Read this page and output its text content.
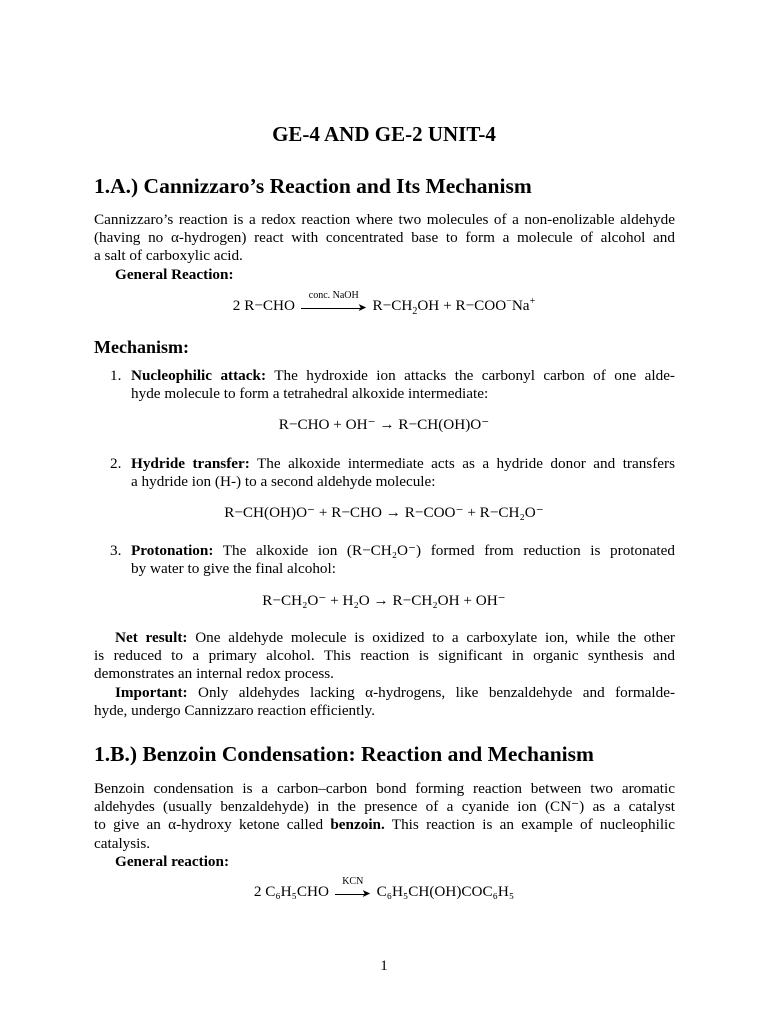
GE-4 AND GE-2 UNIT-4
1.A.) Cannizzaro’s Reaction and Its Mechanism
Cannizzaro’s reaction is a redox reaction where two molecules of a non-enolizable aldehyde
(having no α-hydrogen) react with concentrated base to form a molecule of alcohol and
a salt of carboxylic acid.
General Reaction:
2 R−CHO
conc. NaOH
➤ $R-CH_2OH + R-COO^-Na^+$
Mechanism:
1. Nucleophilic attack: The hydroxide ion attacks the carbonyl carbon of one alde-
hyde molecule to form a tetrahedral alkoxide intermediate:
R−CHO + OH⁻ → R−CH(OH)O⁻
2. Hydride transfer: The alkoxide intermediate acts as a hydride donor and transfers
a hydride ion (H-) to a second aldehyde molecule:
R−CH(OH)O⁻ + R−CHO → R−COO⁻ + R−CH₂O⁻
3. Protonation: The alkoxide ion (R−CH₂O⁻) formed from reduction is protonated
by water to give the final alcohol:
R−CH₂O⁻ + H₂O → R−CH₂OH + OH⁻
Net result: One aldehyde molecule is oxidized to a carboxylate ion, while the other
is reduced to a primary alcohol. This reaction is significant in organic synthesis and
demonstrates an internal redox process.
Important: Only aldehydes lacking α-hydrogens, like benzaldehyde and formalde-
hyde, undergo Cannizzaro reaction efficiently.
1.B.) Benzoin Condensation: Reaction and Mechanism
Benzoin condensation is a carbon–carbon bond forming reaction between two aromatic
aldehydes (usually benzaldehyde) in the presence of a cyanide ion (CN⁻) as a catalyst
to give an α-hydroxy ketone called benzoin. This reaction is an example of nucleophilic
catalysis.
General reaction:
2 C₆H₅CHO
KCN
➤ C₆H₅CH(OH)COC₆H₅
1
